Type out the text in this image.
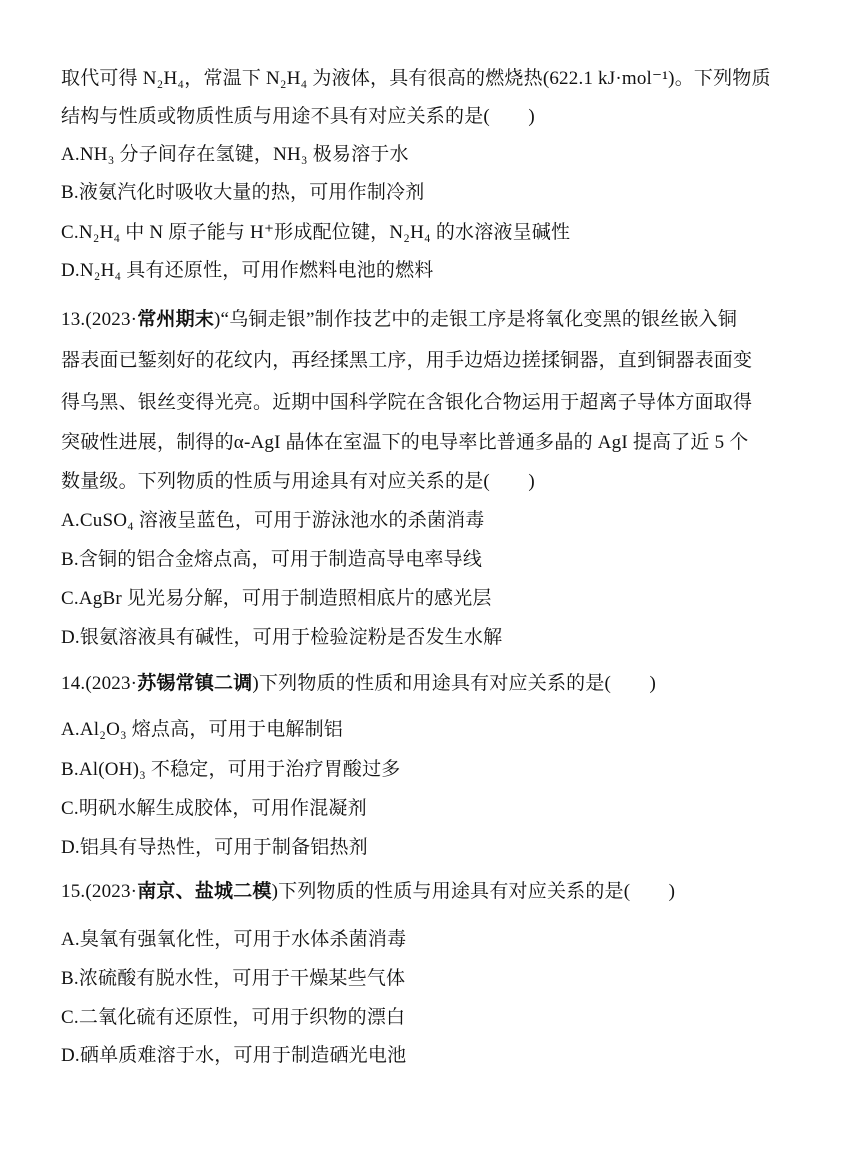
取代可得 N₂H₄，常温下 N₂H₄ 为液体，具有很高的燃烧热(622.1 kJ·mol⁻¹)。下列物质
结构与性质或物质性质与用途不具有对应关系的是(　　)
A.NH₃ 分子间存在氢键，NH₃ 极易溶于水
B.液氨汽化时吸收大量的热，可用作制冷剂
C.N₂H₄ 中 N 原子能与 H⁺形成配位键，N₂H₄ 的水溶液呈碱性
D.N₂H₄ 具有还原性，可用作燃料电池的燃料
13.(2023·常州期末)“乌铜走银”制作技艺中的走银工序是将氧化变黑的银丝嵌入铜
器表面已錾刻好的花纹内，再经揉黑工序，用手边焐边搓揉铜器，直到铜器表面变
得乌黑、银丝变得光亮。近期中国科学院在含银化合物运用于超离子导体方面取得
突破性进展，制得的α‑AgI 晶体在室温下的电导率比普通多晶的 AgI 提高了近 5 个
数量级。下列物质的性质与用途具有对应关系的是(　　)
A.CuSO₄ 溶液呈蓝色，可用于游泳池水的杀菌消毒
B.含铜的铝合金熔点高，可用于制造高导电率导线
C.AgBr 见光易分解，可用于制造照相底片的感光层
D.银氨溶液具有碱性，可用于检验淀粉是否发生水解
14.(2023·苏锡常镇二调)下列物质的性质和用途具有对应关系的是(　　)
A.Al₂O₃ 熔点高，可用于电解制铝
B.Al(OH)₃ 不稳定，可用于治疗胃酸过多
C.明矾水解生成胶体，可用作混凝剂
D.铝具有导热性，可用于制备铝热剂
15.(2023·南京、盐城二模)下列物质的性质与用途具有对应关系的是(　　)
A.臭氧有强氧化性，可用于水体杀菌消毒
B.浓硫酸有脱水性，可用于干燥某些气体
C.二氧化硫有还原性，可用于织物的漂白
D.硒单质难溶于水，可用于制造硒光电池
